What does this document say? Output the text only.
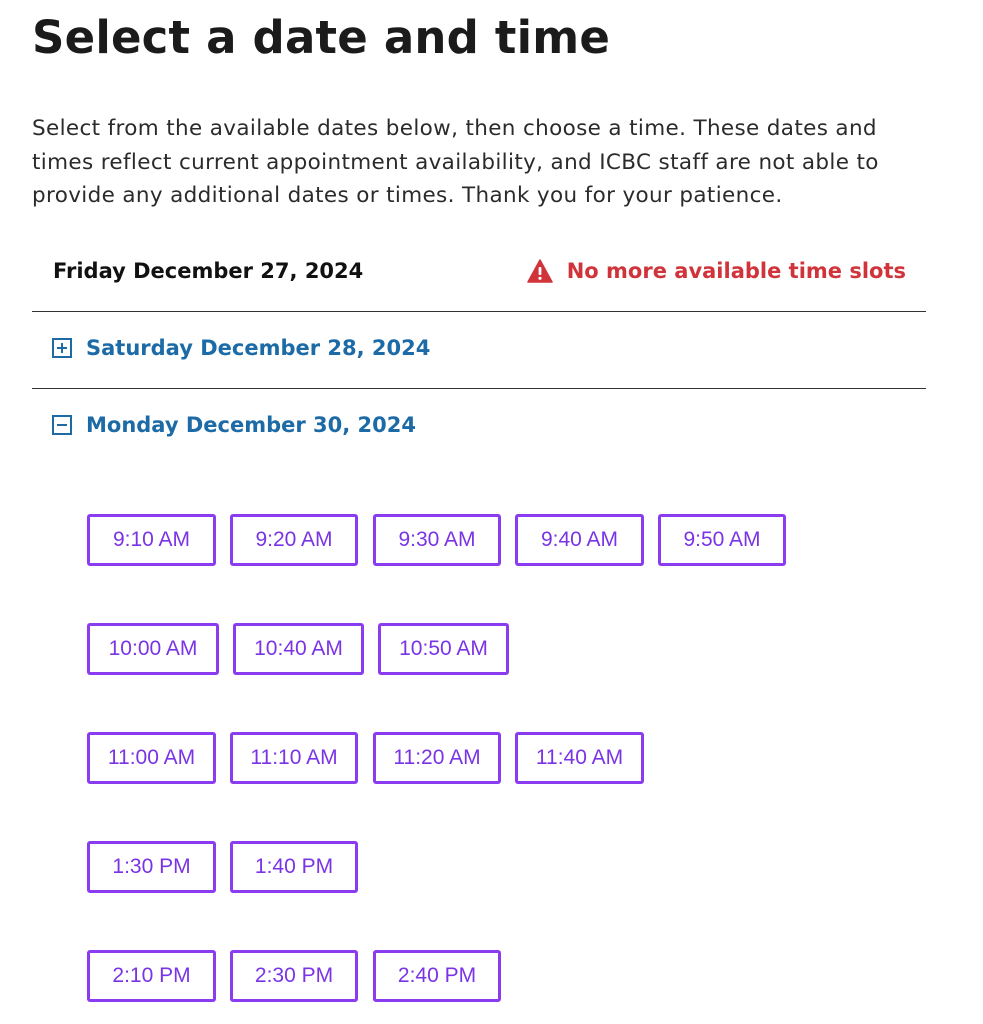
Select a date and time

Select from the available dates below, then choose a time. These dates and times reflect current appointment availability, and ICBC staff are not able to provide any additional dates or times. Thank you for your patience.

Friday December 27, 2024	No more available time slots
Saturday December 28, 2024
Monday December 30, 2024
9:10 AM	9:20 AM	9:30 AM	9:40 AM	9:50 AM
10:00 AM	10:40 AM	10:50 AM
11:00 AM	11:10 AM	11:20 AM	11:40 AM
1:30 PM	1:40 PM
2:10 PM	2:30 PM	2:40 PM
